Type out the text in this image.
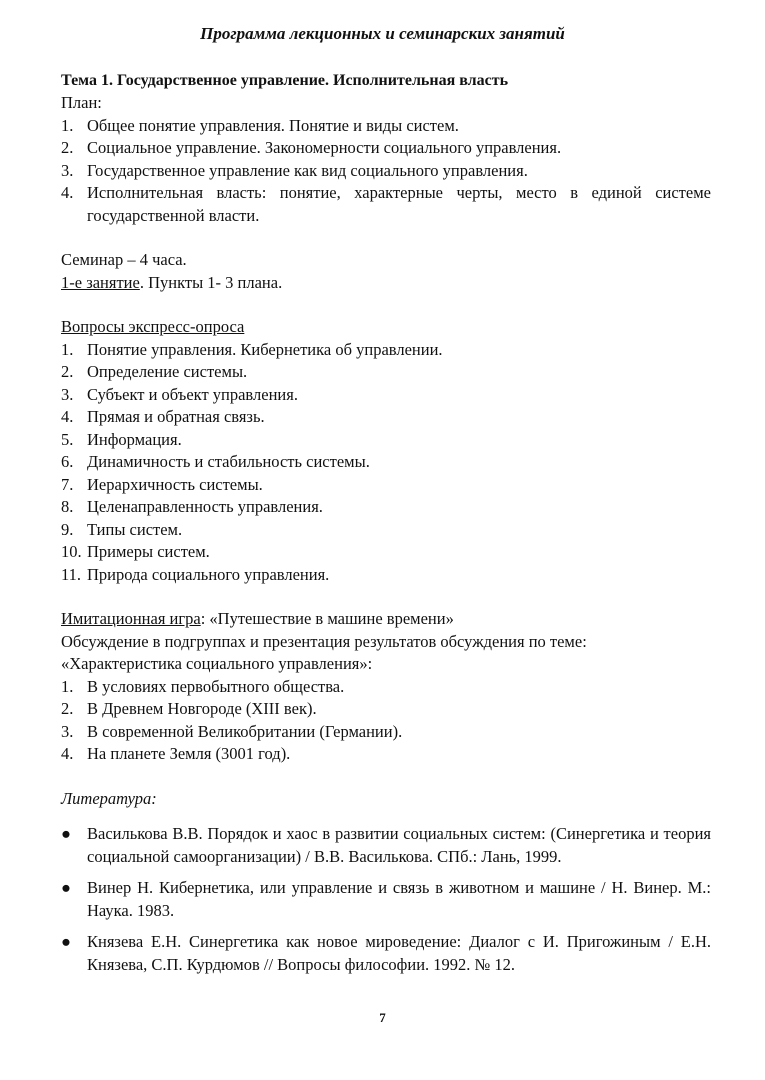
Программа лекционных и семинарских занятий
Тема 1. Государственное управление. Исполнительная власть
План:
1. Общее понятие управления. Понятие и виды систем.
2. Социальное управление. Закономерности социального управления.
3. Государственное управление как вид социального управления.
4. Исполнительная власть: понятие, характерные черты, место в единой системе государственной власти.
Семинар – 4 часа.
1-е занятие. Пункты 1- 3 плана.
Вопросы экспресс-опроса
1. Понятие управления. Кибернетика об управлении.
2. Определение системы.
3. Субъект и объект управления.
4. Прямая и обратная связь.
5. Информация.
6. Динамичность и стабильность системы.
7. Иерархичность системы.
8. Целенаправленность управления.
9. Типы систем.
10. Примеры систем.
11. Природа социального управления.
Имитационная игра: «Путешествие в машине времени»
Обсуждение в подгруппах и презентация результатов обсуждения по теме:
«Характеристика социального управления»:
1. В условиях первобытного общества.
2. В Древнем Новгороде (XIII век).
3. В современной Великобритании (Германии).
4. На планете Земля (3001 год).
Литература:
● Василькова В.В. Порядок и хаос в развитии социальных систем: (Синергетика и теория социальной самоорганизации) / В.В. Василькова. СПб.: Лань, 1999.
● Винер Н. Кибернетика, или управление и связь в животном и машине / Н. Винер. М.: Наука. 1983.
● Князева Е.Н. Синергетика как новое мироведение: Диалог с И. Пригожиным / Е.Н. Князева, С.П. Курдюмов // Вопросы философии. 1992. № 12.
7
